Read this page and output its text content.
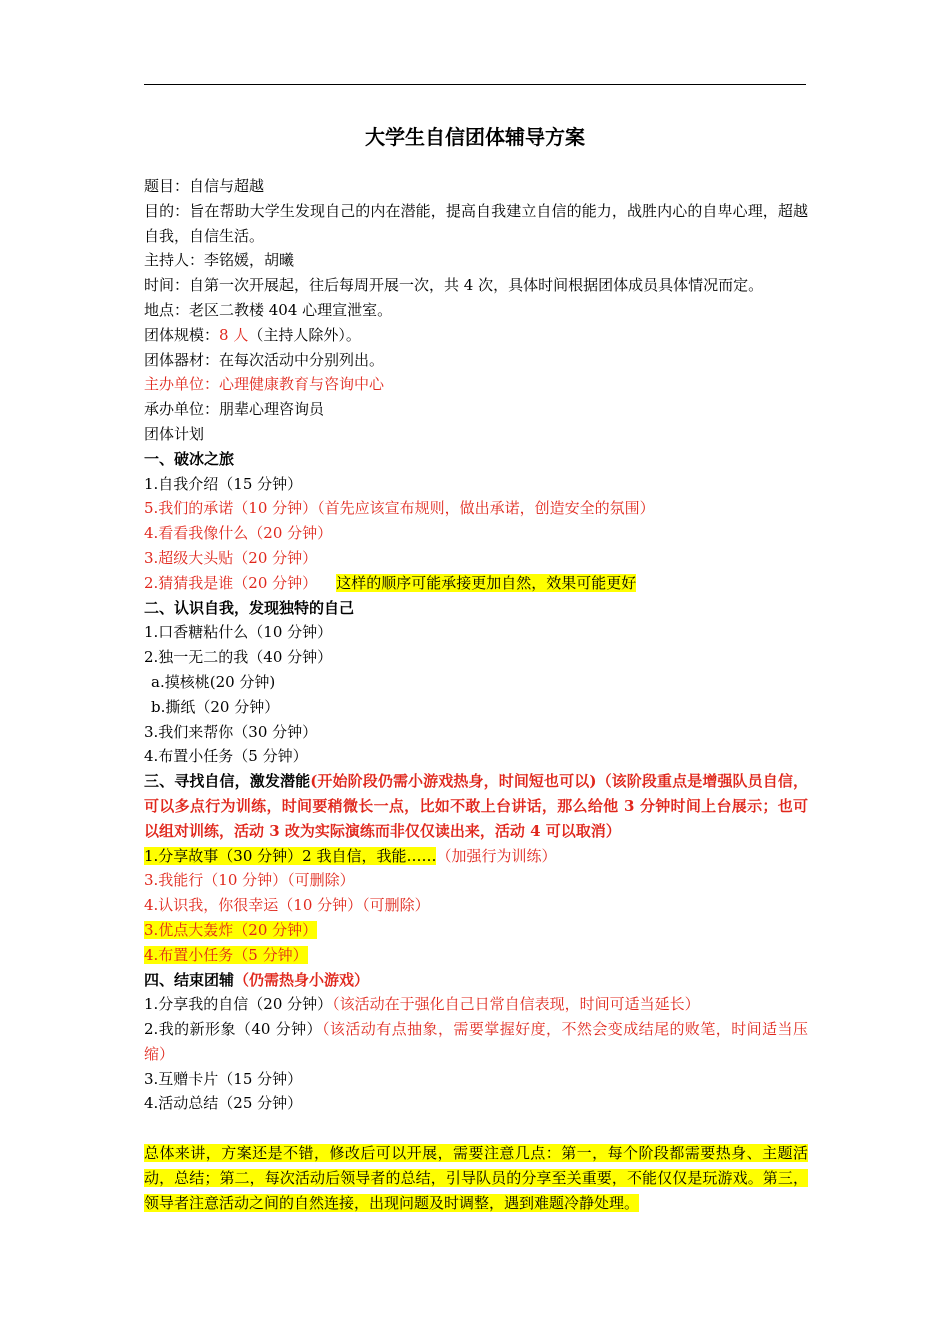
大学生自信团体辅导方案

题目：自信与超越

目的：旨在帮助大学生发现自己的内在潜能，提高自我建立自信的能力，战胜内心的自卑心理，超越自我，自信生活。

主持人：李铭媛，胡曦

时间：自第一次开展起，往后每周开展一次，共 4 次，具体时间根据团体成员具体情况而定。

地点：老区二教楼 404 心理宣泄室。

团体规模：8 人（主持人除外）。

团体器材：在每次活动中分别列出。

主办单位：心理健康教育与咨询中心

承办单位：朋辈心理咨询员

团体计划

一、破冰之旅

1.自我介绍（15 分钟）

5.我们的承诺（10 分钟）（首先应该宣布规则，做出承诺，创造安全的氛围）

4.看看我像什么（20 分钟）

3.超级大头贴（20 分钟）

2.猜猜我是谁（20 分钟） 这样的顺序可能承接更加自然，效果可能更好

二、认识自我，发现独特的自己

1.口香糖粘什么（10 分钟）

2.独一无二的我（40 分钟）

a.摸核桃(20 分钟)

b.撕纸（20 分钟）

3.我们来帮你（30 分钟）

4.布置小任务（5 分钟）

三、寻找自信，激发潜能(开始阶段仍需小游戏热身，时间短也可以)（该阶段重点是增强队员自信，可以多点行为训练，时间要稍微长一点，比如不敢上台讲话，那么给他 3 分钟时间上台展示；也可以组对训练，活动 3 改为实际演练而非仅仅读出来，活动 4 可以取消）

1.分享故事（30 分钟）2 我自信，我能……（加强行为训练）

3.我能行（10 分钟）（可删除）

4.认识我，你很幸运（10 分钟）（可删除）

3.优点大轰炸（20 分钟）

4.布置小任务（5 分钟）

四、结束团辅（仍需热身小游戏）

1.分享我的自信（20 分钟）（该活动在于强化自己日常自信表现，时间可适当延长）

2.我的新形象（40 分钟）（该活动有点抽象，需要掌握好度，不然会变成结尾的败笔，时间适当压缩）

3.互赠卡片（15 分钟）

4.活动总结（25 分钟）

总体来讲，方案还是不错，修改后可以开展，需要注意几点：第一，每个阶段都需要热身、主题活动，总结；第二，每次活动后领导者的总结，引导队员的分享至关重要，不能仅仅是玩游戏。第三，领导者注意活动之间的自然连接，出现问题及时调整，遇到难题冷静处理。
